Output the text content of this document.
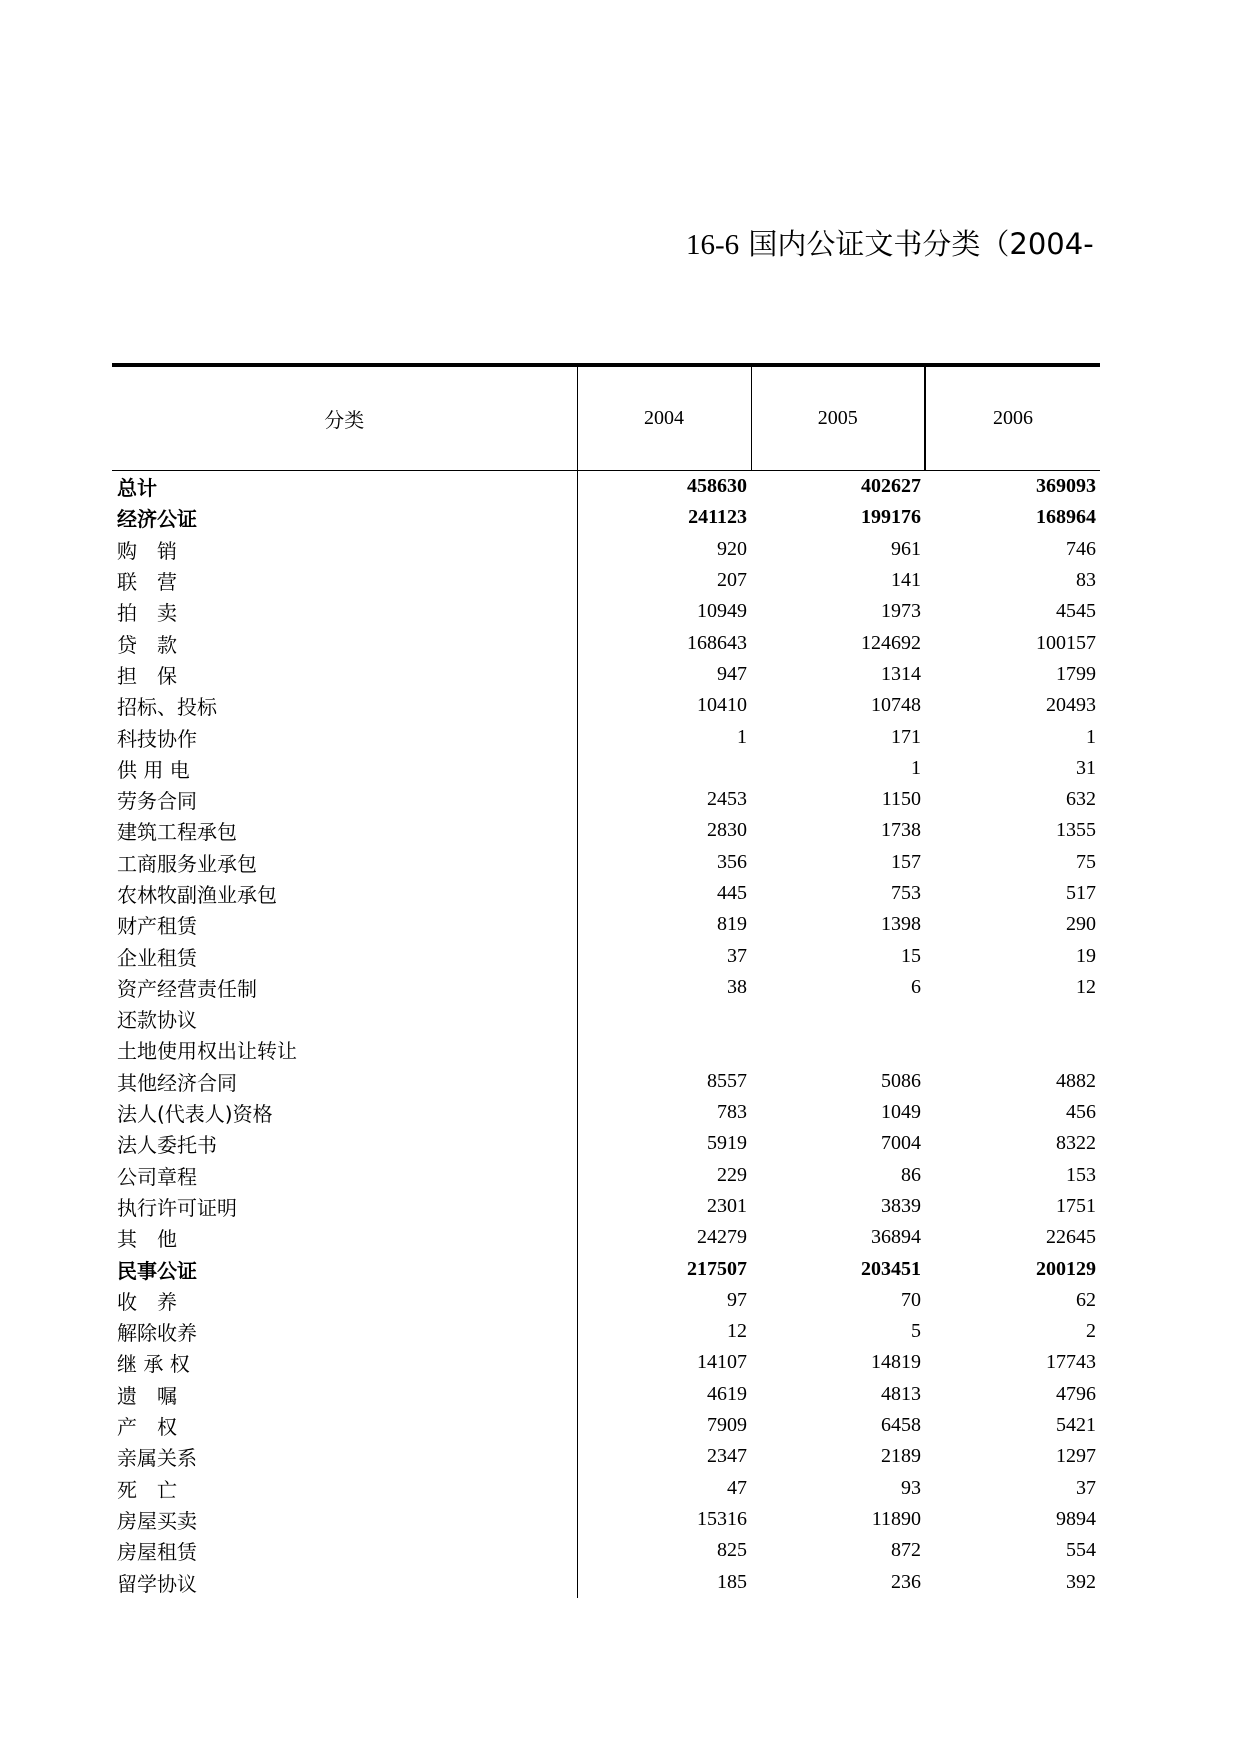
16-6 国内公证文书分类（2004-
分类	2004	2005	2006
总计	458630	402627	369093
经济公证	241123	199176	168964
购　销	920	961	746
联　营	207	141	83
拍　卖	10949	1973	4545
贷　款	168643	124692	100157
担　保	947	1314	1799
招标、投标	10410	10748	20493
科技协作	1	171	1
供 用 电		1	31
劳务合同	2453	1150	632
建筑工程承包	2830	1738	1355
工商服务业承包	356	157	75
农林牧副渔业承包	445	753	517
财产租赁	819	1398	290
企业租赁	37	15	19
资产经营责任制	38	6	12
还款协议			
土地使用权出让转让			
其他经济合同	8557	5086	4882
法人(代表人)资格	783	1049	456
法人委托书	5919	7004	8322
公司章程	229	86	153
执行许可证明	2301	3839	1751
其　他	24279	36894	22645
民事公证	217507	203451	200129
收　养	97	70	62
解除收养	12	5	2
继 承 权	14107	14819	17743
遗　嘱	4619	4813	4796
产　权	7909	6458	5421
亲属关系	2347	2189	1297
死　亡	47	93	37
房屋买卖	15316	11890	9894
房屋租赁	825	872	554
留学协议	185	236	392
